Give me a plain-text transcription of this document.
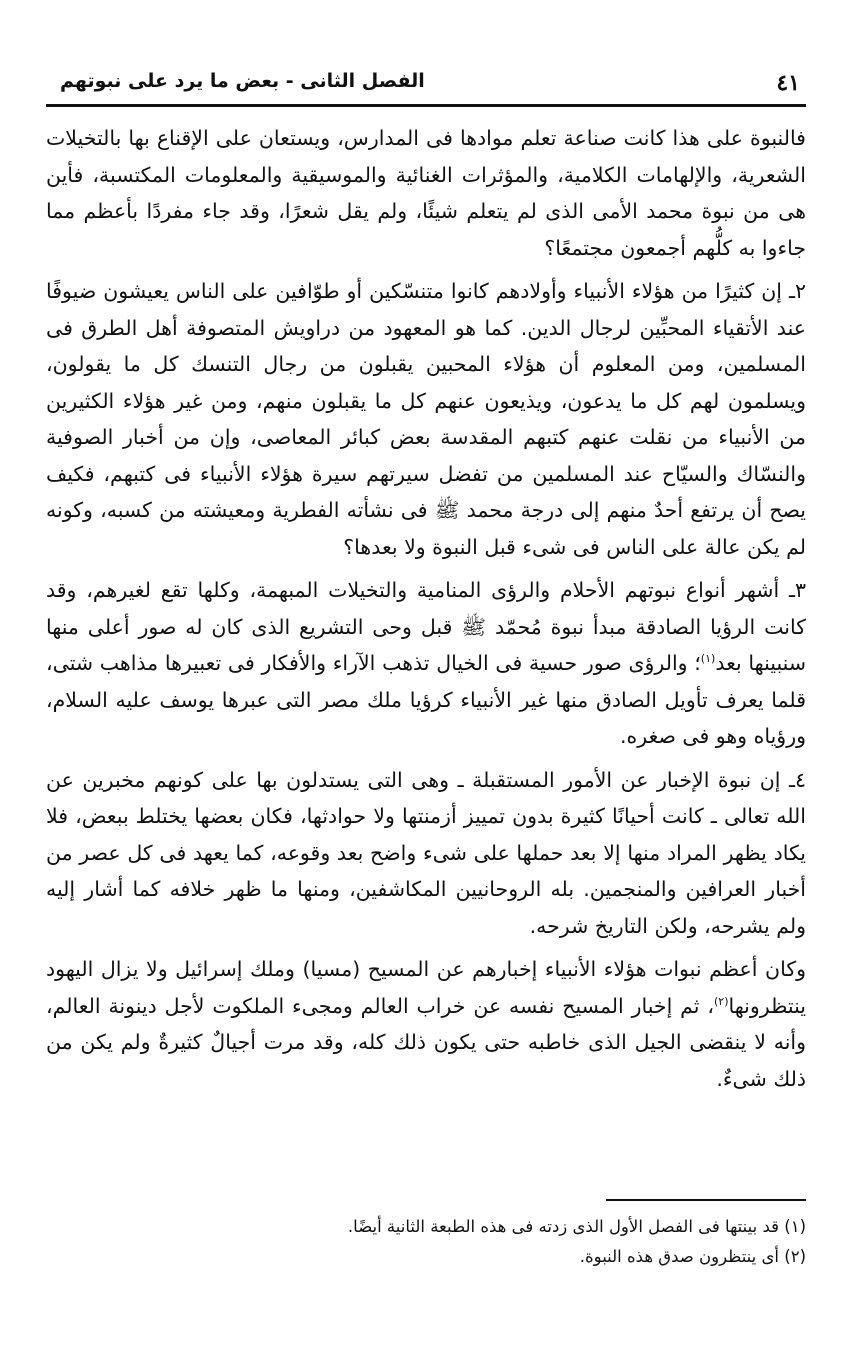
٤١
الفصل الثانى - بعض ما يرد على نبوتهم

فالنبوة على هذا كانت صناعة تعلم موادها فى المدارس، ويستعان على الإقناع بها بالتخيلات الشعرية، والإلهامات الكلامية، والمؤثرات الغنائية والموسيقية والمعلومات المكتسبة، فأين هى من نبوة محمد الأمى الذى لم يتعلم شيئًا، ولم يقل شعرًا، وقد جاء مفردًا بأعظم مما جاءوا به كلُّهم أجمعون مجتمعًا؟

٢ـ إن كثيرًا من هؤلاء الأنبياء وأولادهم كانوا متنسّكين أو طوّافين على الناس يعيشون ضيوفًا عند الأتقياء المحبِّين لرجال الدين. كما هو المعهود من دراويش المتصوفة أهل الطرق فى المسلمين، ومن المعلوم أن هؤلاء المحبين يقبلون من رجال التنسك كل ما يقولون، ويسلمون لهم كل ما يدعون، ويذيعون عنهم كل ما يقبلون منهم، ومن غير هؤلاء الكثيرين من الأنبياء من نقلت عنهم كتبهم المقدسة بعض كبائر المعاصى، وإن من أخبار الصوفية والنسّاك والسيّاح عند المسلمين من تفضل سيرتهم سيرة هؤلاء الأنبياء فى كتبهم، فكيف يصح أن يرتفع أحدٌ منهم إلى درجة محمد ﷺ فى نشأته الفطرية ومعيشته من كسبه، وكونه لم يكن عالة على الناس فى شىء قبل النبوة ولا بعدها؟

٣ـ أشهر أنواع نبوتهم الأحلام والرؤى المنامية والتخيلات المبهمة، وكلها تقع لغيرهم، وقد كانت الرؤيا الصادقة مبدأ نبوة مُحمّد ﷺ قبل وحى التشريع الذى كان له صور أعلى منها سنبينها بعد$^{(١)}$؛ والرؤى صور حسية فى الخيال تذهب الآراء والأفكار فى تعبيرها مذاهب شتى، قلما يعرف تأويل الصادق منها غير الأنبياء كرؤيا ملك مصر التى عبرها يوسف عليه السلام، ورؤياه وهو فى صغره.

٤ـ إن نبوة الإخبار عن الأمور المستقبلة ـ وهى التى يستدلون بها على كونهم مخبرين عن الله تعالى ـ كانت أحيانًا كثيرة بدون تمييز أزمنتها ولا حوادثها، فكان بعضها يختلط ببعض، فلا يكاد يظهر المراد منها إلا بعد حملها على شىء واضح بعد وقوعه، كما يعهد فى كل عصر من أخبار العرافين والمنجمين. بله الروحانيين المكاشفين، ومنها ما ظهر خلافه كما أشار إليه ولم يشرحه، ولكن التاريخ شرحه.

وكان أعظم نبوات هؤلاء الأنبياء إخبارهم عن المسيح (مسيا) وملك إسرائيل ولا يزال اليهود ينتظرونها$^{(٢)}$، ثم إخبار المسيح نفسه عن خراب العالم ومجىء الملكوت لأجل دينونة العالم، وأنه لا ينقضى الجيل الذى خاطبه حتى يكون ذلك كله، وقد مرت أجيالٌ كثيرةٌ ولم يكن من ذلك شىءٌ.

(١) قد بينتها فى الفصل الأول الذى زدته فى هذه الطبعة الثانية أيضًا.

(٢) أى ينتظرون صدق هذه النبوة.
